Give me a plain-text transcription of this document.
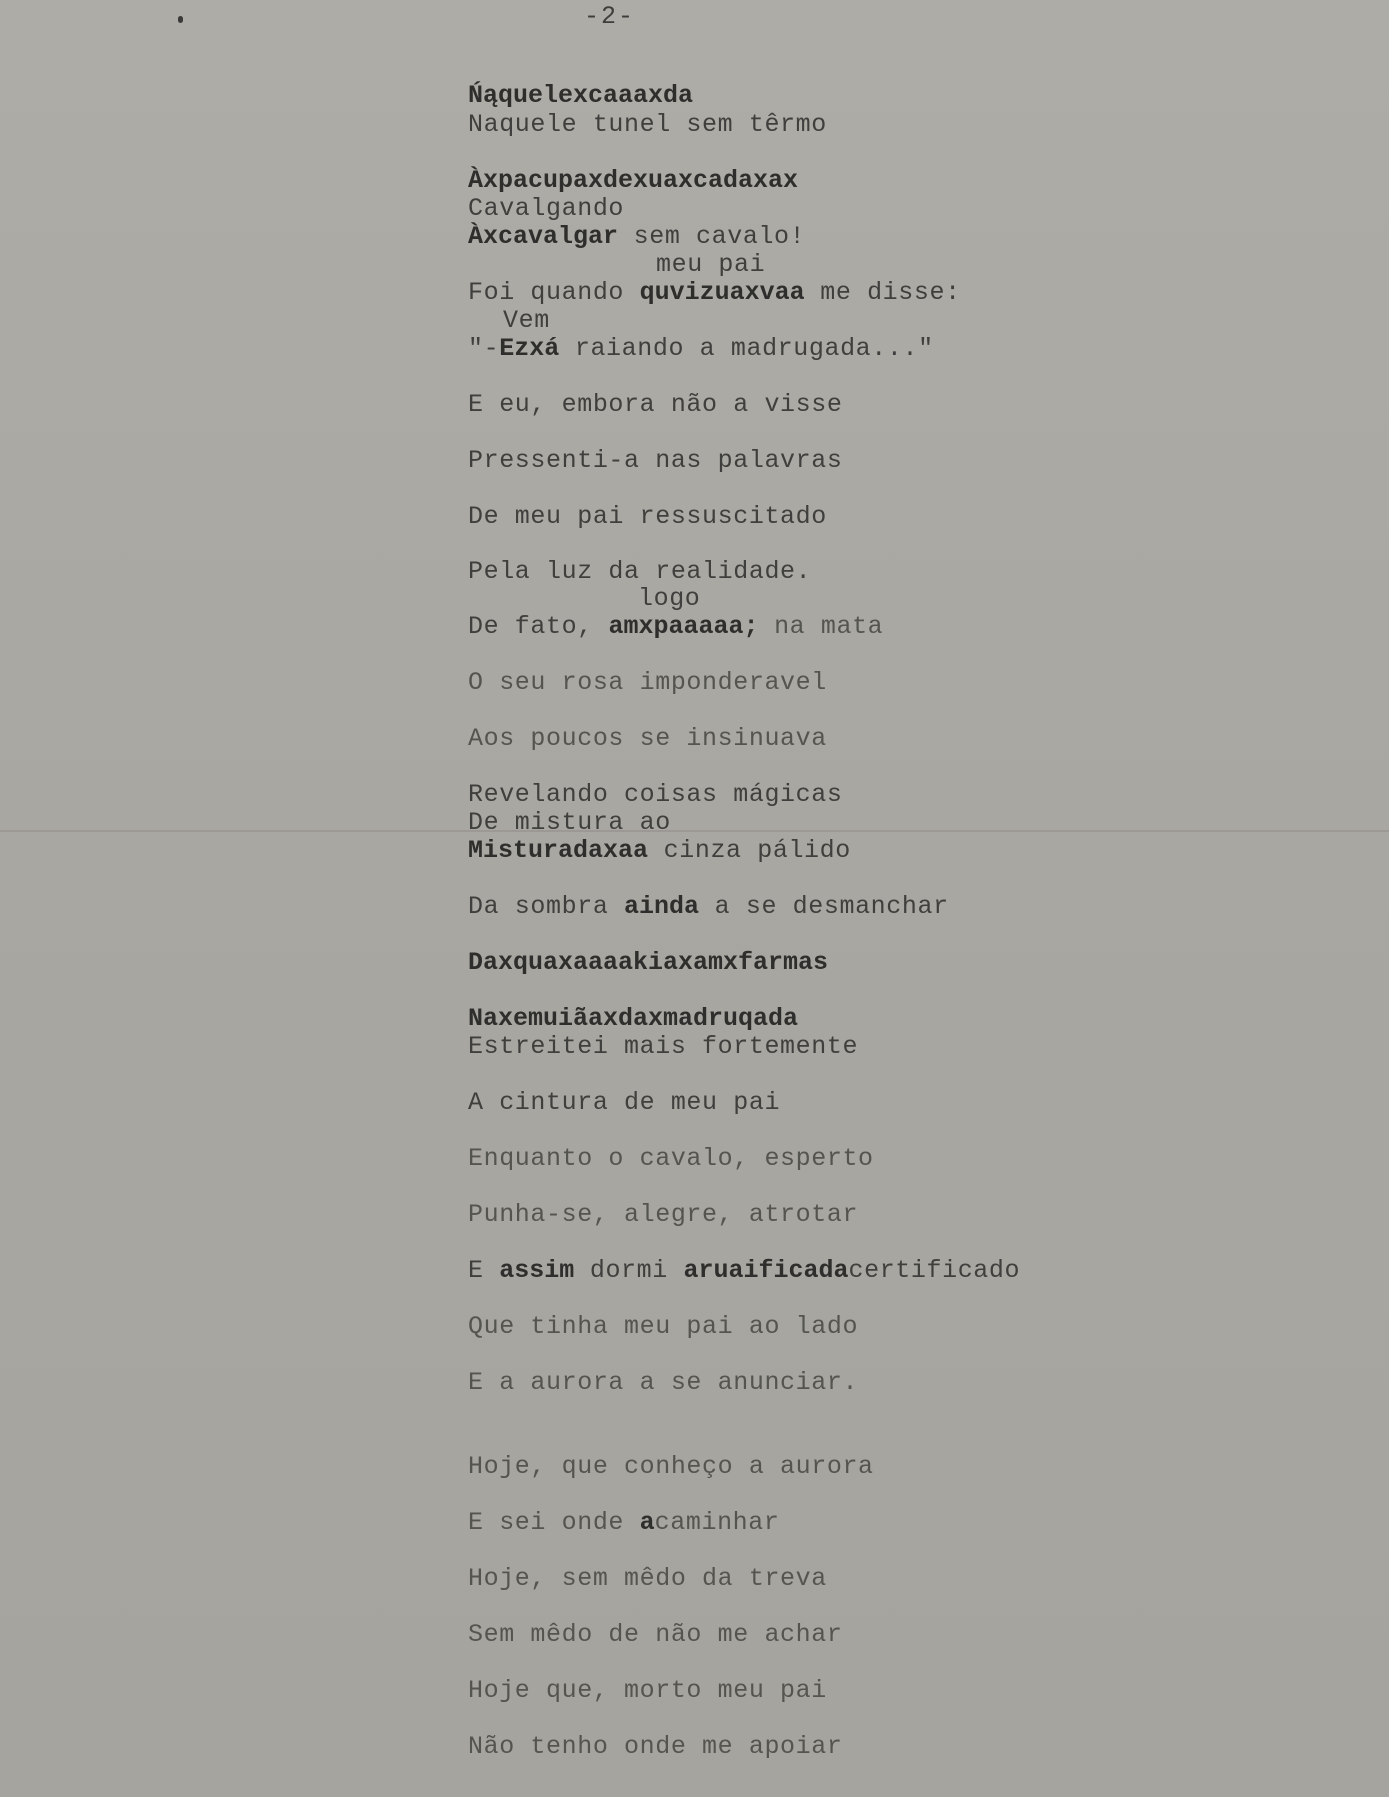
-2-
Ńąquelexcaaaxda
Naquele tunel sem têrmo
Àxpacupaxdexuaxcadaxax
Cavalgando
Àxcavalgar sem cavalo!
meu pai
Foi quando quvizuaxvaa me disse:
Vem
"-Ezxá raiando a madrugada..."
E eu, embora não a visse
Pressenti-a nas palavras
De meu pai ressuscitado
Pela luz da realidade.
logo
De fato, amxpaaaaa; na mata
O seu rosa imponderavel
Aos poucos se insinuava
Revelando coisas mágicas
De mistura ao
Misturadaxaa cinza pálido
Da sombra ainda a se desmanchar
Daxquaxaaaakiaxamxfarmas
Naxemuiãaxdaxmadruqada
Estreitei mais fortemente
A cintura de meu pai
Enquanto o cavalo, esperto
Punha-se, alegre, atrotar
E assim dormi aruaificadacertificado
Que tinha meu pai ao lado
E a aurora a se anunciar.
Hoje, que conheço a aurora
E sei onde acaminhar
Hoje, sem mêdo da treva
Sem mêdo de não me achar
Hoje que, morto meu pai
Não tenho onde me apoiar
